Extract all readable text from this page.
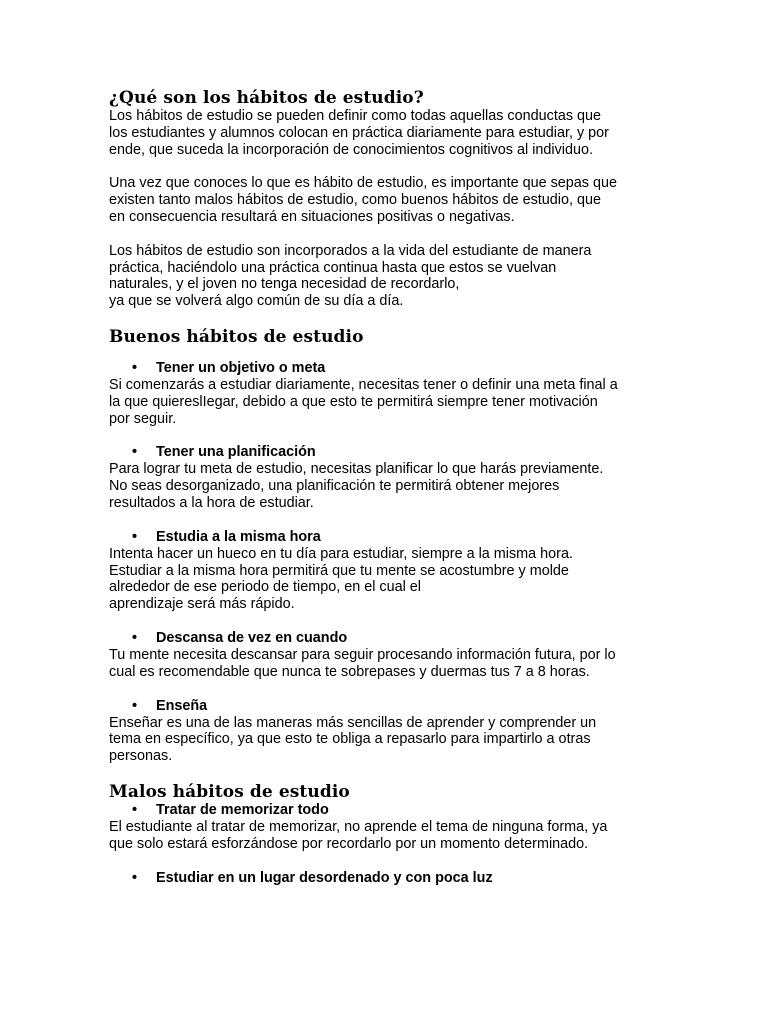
¿Qué son los hábitos de estudio?

Los hábitos de estudio se pueden definir como todas aquellas conductas que
los estudiantes y alumnos colocan en práctica diariamente para estudiar, y por
ende, que suceda la incorporación de conocimientos cognitivos al individuo.

Una vez que conoces lo que es hábito de estudio, es importante que sepas que
existen tanto malos hábitos de estudio, como buenos hábitos de estudio, que
en consecuencia resultará en situaciones positivas o negativas.

Los hábitos de estudio son incorporados a la vida del estudiante de manera
práctica, haciéndolo una práctica continua hasta que estos se vuelvan
naturales, y el joven no tenga necesidad de recordarlo,
ya que se volverá algo común de su día a día.

Buenos hábitos de estudio
• Tener un objetivo o meta

Si comenzarás a estudiar diariamente, necesitas tener o definir una meta final a
la que quiereslIegar, debido a que esto te permitirá siempre tener motivación
por seguir.

• Tener una planificación

Para lograr tu meta de estudio, necesitas planificar lo que harás previamente.
No seas desorganizado, una planificación te permitirá obtener mejores
resultados a la hora de estudiar.

• Estudia a la misma hora

Intenta hacer un hueco en tu día para estudiar, siempre a la misma hora.
Estudiar a la misma hora permitirá que tu mente se acostumbre y molde
alrededor de ese periodo de tiempo, en el cual el
aprendizaje será más rápido.

• Descansa de vez en cuando

Tu mente necesita descansar para seguir procesando información futura, por lo
cual es recomendable que nunca te sobrepases y duermas tus 7 a 8 horas.

• Enseña

Enseñar es una de las maneras más sencillas de aprender y comprender un
tema en específico, ya que esto te obliga a repasarlo para impartirlo a otras
personas.

Malos hábitos de estudio
• Tratar de memorizar todo

El estudiante al tratar de memorizar, no aprende el tema de ninguna forma, ya
que solo estará esforzándose por recordarlo por un momento determinado.

• Estudiar en un lugar desordenado y con poca luz
